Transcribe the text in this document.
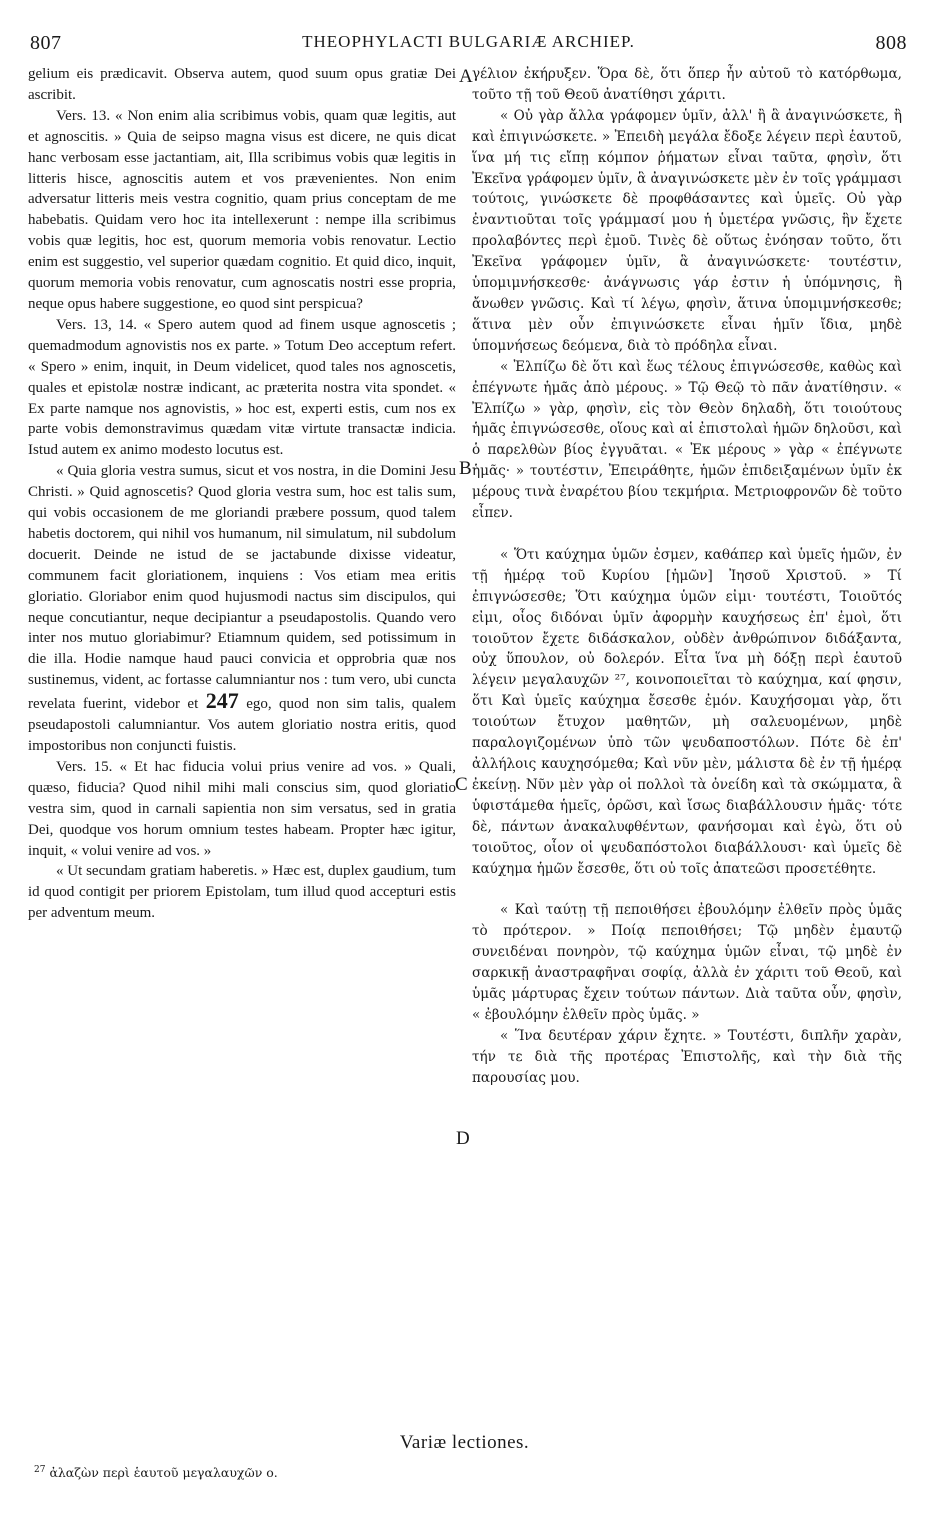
807	THEOPHYLACTI BULGARIÆ ARCHIEP.	808

gelium eis prædicavit. Observa autem, quod suum opus gratiæ Dei ascribit.

Vers. 13. « Non enim alia scribimus vobis, quam quæ legitis, aut et agnoscitis. » Quia de seipso magna visus est dicere, ne quis dicat hanc verbosam esse jactantiam, ait, Illa scribimus vobis quæ legitis in litteris hisce, agnoscitis autem et vos prævenientes. Non enim adversatur litteris meis vestra cognitio, quam prius conceptam de me habebatis. Quidam vero hoc ita intellexerunt : nempe illa scribimus vobis quæ legitis, hoc est, quorum memoria vobis renovatur. Lectio enim est suggestio, vel superior quædam cognitio. Et quid dico, inquit, quorum memoria vobis renovatur, cum agnoscatis nostri esse propria, neque opus habere suggestione, eo quod sint perspicua?

Vers. 13, 14. « Spero autem quod ad finem usque agnoscetis ; quemadmodum agnovistis nos ex parte. » Totum Deo acceptum refert. « Spero » enim, inquit, in Deum videlicet, quod tales nos agnoscetis, quales et epistolæ nostræ indicant, ac præterita nostra vita spondet. « Ex parte namque nos agnovistis, » hoc est, experti estis, cum nos ex parte vobis demonstravimus quædam vitæ virtute transactæ indicia. Istud autem ex animo modesto locutus est.

« Quia gloria vestra sumus, sicut et vos nostra, in die Domini Jesu Christi. » Quid agnoscetis? Quod gloria vestra sum, hoc est talis sum, qui vobis occasionem de me gloriandi præbere possum, quod talem habetis doctorem, qui nihil vos humanum, nil simulatum, nil subdolum docuerit. Deinde ne istud de se jactabunde dixisse videatur, communem facit gloriationem, inquiens : Vos etiam mea eritis gloriatio. Gloriabor enim quod hujusmodi nactus sim discipulos, qui neque concutiantur, neque decipiantur a pseudapostolis. Quando vero inter nos mutuo gloriabimur? Etiamnum quidem, sed potissimum in die illa. Hodie namque haud pauci convicia et opprobria quæ nos sustinemus, vident, ac fortasse calumniantur nos : tum vero, ubi cuncta revelata fuerint, videbor et 247 ego, quod non sim talis, qualem pseudapostoli calumniantur. Vos autem gloriatio nostra eritis, quod impostoribus non conjuncti fuistis.

Vers. 15. « Et hac fiducia volui prius venire ad vos. » Quali, quæso, fiducia? Quod nihil mihi mali conscius sim, quod gloriatio vestra sim, quod in carnali sapientia non sim versatus, sed in gratia Dei, quodque vos horum omnium testes habeam. Propter hæc igitur, inquit, « volui venire ad vos. »

« Ut secundam gratiam haberetis. » Hæc est, duplex gaudium, tum id quod contigit per priorem Epistolam, tum illud quod accepturi estis per adventum meum.

γέλιον ἐκήρυξεν. Ὅρα δὲ, ὅτι ὅπερ ἦν αὐτοῦ τὸ κατόρθωμα, τοῦτο τῇ τοῦ Θεοῦ ἀνατίθησι χάριτι.

« Οὐ γὰρ ἄλλα γράφομεν ὑμῖν, ἀλλ' ἢ ἃ ἀναγινώσκετε, ἢ καὶ ἐπιγινώσκετε. » Ἐπειδὴ μεγάλα ἔδοξε λέγειν περὶ ἑαυτοῦ, ἵνα μή τις εἴπῃ κόμπον ῥήματων εἶναι ταῦτα, φησὶν, ὅτι Ἐκεῖνα γράφομεν ὑμῖν, ἃ ἀναγινώσκετε μὲν ἐν τοῖς γράμμασι τούτοις, γινώσκετε δὲ προφθάσαντες καὶ ὑμεῖς. Οὐ γὰρ ἐναντιοῦται τοῖς γράμμασί μου ἡ ὑμετέρα γνῶσις, ἣν ἔχετε προλαβόντες περὶ ἐμοῦ. Τινὲς δὲ οὕτως ἐνόησαν τοῦτο, ὅτι Ἐκεῖνα γράφομεν ὑμῖν, ἃ ἀναγινώσκετε· τουτέστιν, ὑπομιμνήσκεσθε· ἀνάγνωσις γάρ ἐστιν ἡ ὑπόμνησις, ἢ ἄνωθεν γνῶσις. Καὶ τί λέγω, φησὶν, ἅτινα ὑπομιμνήσκεσθε; ἅτινα μὲν οὖν ἐπιγινώσκετε εἶναι ἡμῖν ἴδια, μηδὲ ὑπομνήσεως δεόμενα, διὰ τὸ πρόδηλα εἶναι.

« Ἐλπίζω δὲ ὅτι καὶ ἕως τέλους ἐπιγνώσεσθε, καθὼς καὶ ἐπέγνωτε ἡμᾶς ἀπὸ μέρους. » Τῷ Θεῷ τὸ πᾶν ἀνατίθησιν. « Ἐλπίζω » γὰρ, φησὶν, εἰς τὸν Θεὸν δηλαδὴ, ὅτι τοιούτους ἡμᾶς ἐπιγνώσεσθε, οἵους καὶ αἱ ἐπιστολαὶ ἡμῶν δηλοῦσι, καὶ ὁ παρελθὼν βίος ἐγγυᾶται. « Ἐκ μέρους » γὰρ « ἐπέγνωτε ἡμᾶς· » τουτέστιν, Ἐπειράθητε, ἡμῶν ἐπιδειξαμένων ὑμῖν ἐκ μέρους τινὰ ἐναρέτου βίου τεκμήρια. Μετριοφρονῶν δὲ τοῦτο εἶπεν.

« Ὅτι καύχημα ὑμῶν ἐσμεν, καθάπερ καὶ ὑμεῖς ἡμῶν, ἐν τῇ ἡμέρᾳ τοῦ Κυρίου [ἡμῶν] Ἰησοῦ Χριστοῦ. » Τί ἐπιγνώσεσθε; Ὅτι καύχημα ὑμῶν εἰμι· τουτέστι, Τοιοῦτός εἰμι, οἷος διδόναι ὑμῖν ἀφορμὴν καυχήσεως ἐπ' ἐμοὶ, ὅτι τοιοῦτον ἔχετε διδάσκαλον, οὐδὲν ἀνθρώπινον διδάξαντα, οὐχ ὕπουλον, οὐ δολερόν. Εἶτα ἵνα μὴ δόξῃ περὶ ἑαυτοῦ λέγειν μεγαλαυχῶν ²⁷, κοινοποιεῖται τὸ καύχημα, καί φησιν, ὅτι Καὶ ὑμεῖς καύχημα ἔσεσθε ἐμόν. Καυχήσομαι γὰρ, ὅτι τοιούτων ἔτυχον μαθητῶν, μὴ σαλευομένων, μηδὲ παραλογιζομένων ὑπὸ τῶν ψευδαποστόλων. Πότε δὲ ἐπ' ἀλλήλοις καυχησόμεθα; Καὶ νῦν μὲν, μάλιστα δὲ ἐν τῇ ἡμέρᾳ ἐκείνῃ. Νῦν μὲν γὰρ οἱ πολλοὶ τὰ ὀνείδη καὶ τὰ σκώμματα, ἃ ὑφιστάμεθα ἡμεῖς, ὁρῶσι, καὶ ἴσως διαβάλλουσιν ἡμᾶς· τότε δὲ, πάντων ἀνακαλυφθέντων, φανήσομαι καὶ ἐγὼ, ὅτι οὐ τοιοῦτος, οἷον οἱ ψευδαπόστολοι διαβάλλουσι· καὶ ὑμεῖς δὲ καύχημα ἡμῶν ἔσεσθε, ὅτι οὐ τοῖς ἀπατεῶσι προσετέθητε.

« Καὶ ταύτῃ τῇ πεποιθήσει ἐβουλόμην ἐλθεῖν πρὸς ὑμᾶς τὸ πρότερον. » Ποίᾳ πεποιθήσει; Τῷ μηδὲν ἐμαυτῷ συνειδέναι πονηρὸν, τῷ καύχημα ὑμῶν εἶναι, τῷ μηδὲ ἐν σαρκικῇ ἀναστραφῆναι σοφίᾳ, ἀλλὰ ἐν χάριτι τοῦ Θεοῦ, καὶ ὑμᾶς μάρτυρας ἔχειν τούτων πάντων. Διὰ ταῦτα οὖν, φησὶν, « ἐβουλόμην ἐλθεῖν πρὸς ὑμᾶς. »

« Ἵνα δευτέραν χάριν ἔχητε. » Τουτέστι, διπλῆν χαρὰν, τήν τε διὰ τῆς προτέρας Ἐπιστολῆς, καὶ τὴν διὰ τῆς παρουσίας μου.

A
B
C
D
Variæ lectiones.
$^{27}$ ἀλαζὼν περὶ ἑαυτοῦ μεγαλαυχῶν ο.
